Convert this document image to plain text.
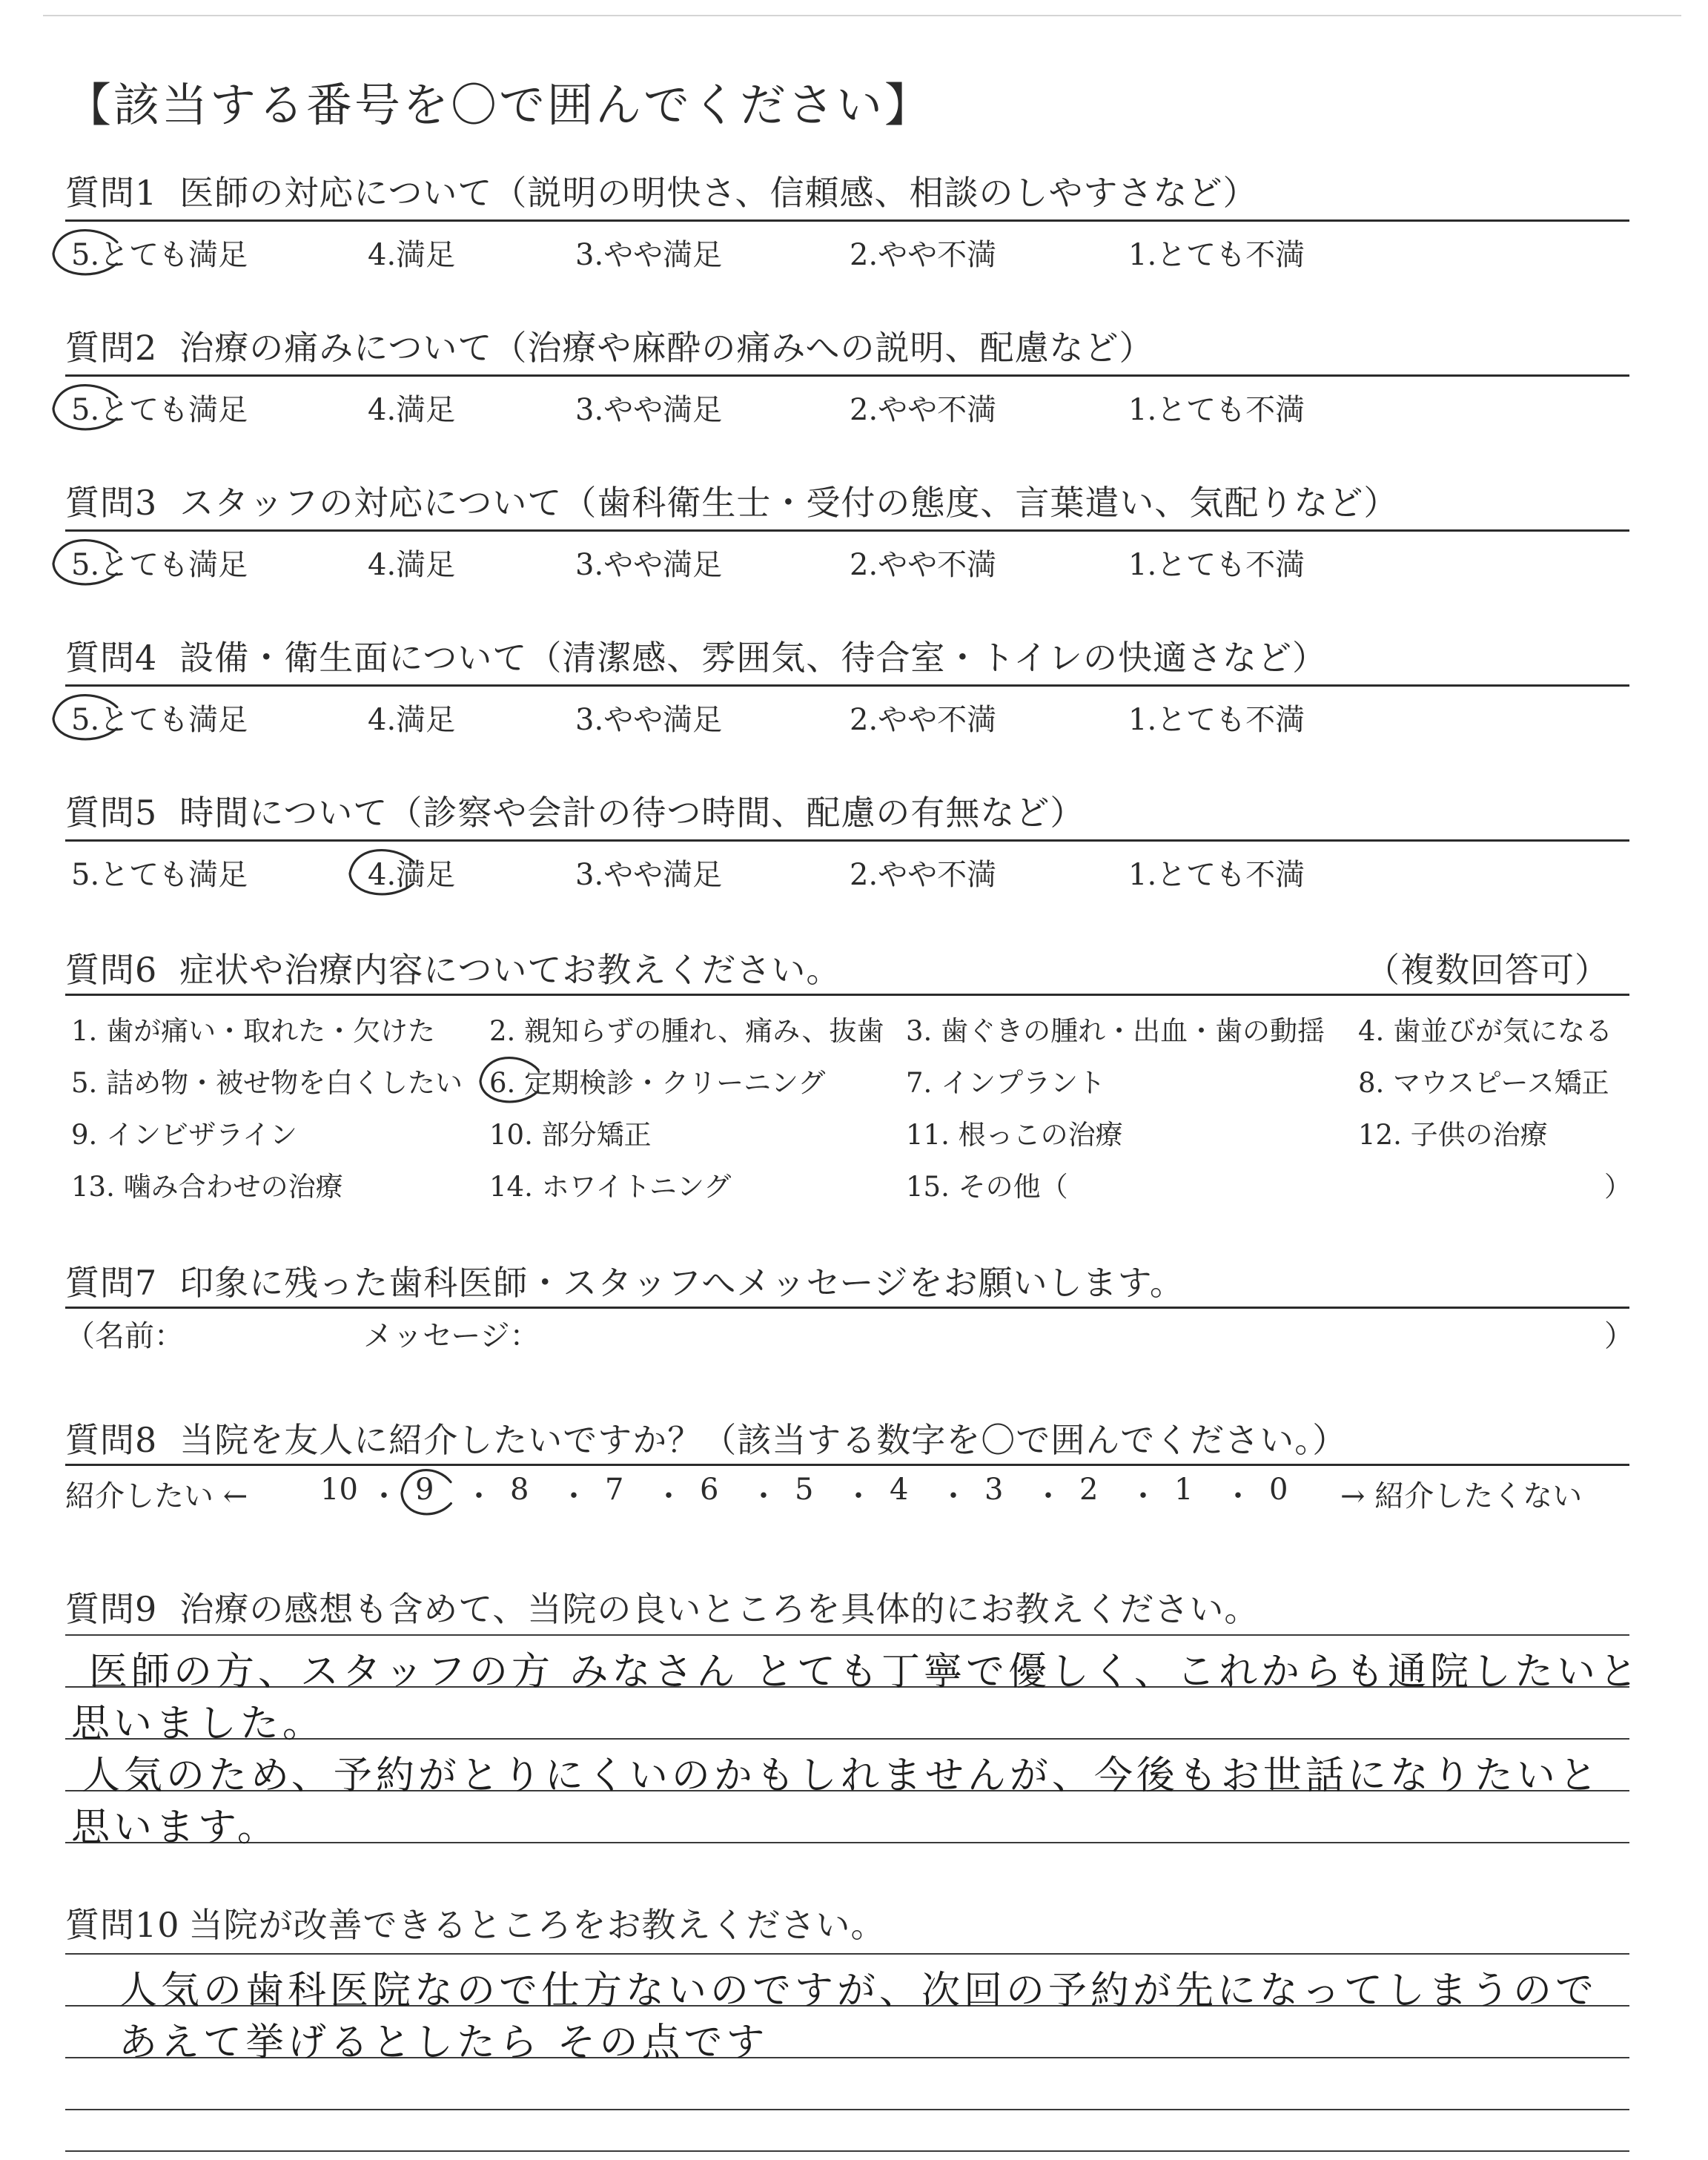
【該当する番号を〇で囲んでください】
質問1 医師の対応について（説明の明快さ、信頼感、相談のしやすさなど）
5.とても満足	4.満足	3.やや満足	2.やや不満	1.とても不満
質問2 治療の痛みについて（治療や麻酔の痛みへの説明、配慮など）
5.とても満足	4.満足	3.やや満足	2.やや不満	1.とても不満
質問3 スタッフの対応について（歯科衛生士・受付の態度、言葉遣い、気配りなど）
5.とても満足	4.満足	3.やや満足	2.やや不満	1.とても不満
質問4 設備・衛生面について（清潔感、雰囲気、待合室・トイレの快適さなど）
5.とても満足	4.満足	3.やや満足	2.やや不満	1.とても不満
質問5 時間について（診察や会計の待つ時間、配慮の有無など）
5.とても満足	4.満足	3.やや満足	2.やや不満	1.とても不満
質問6 症状や治療内容についてお教えください。	（複数回答可）
1. 歯が痛い・取れた・欠けた 2. 親知らずの腫れ、痛み、抜歯 3. 歯ぐきの腫れ・出血・歯の動揺 4. 歯並びが気になる
5. 詰め物・被せ物を白くしたい 6. 定期検診・クリーニング	7. インプラント	8. マウスピース矯正
9. インビザライン	10. 部分矯正	11. 根っこの治療	12. 子供の治療
13. 噛み合わせの治療	14. ホワイトニング	15. その他（	）
質問7 印象に残った歯科医師・スタッフへメッセージをお願いします。
（名前：	メッセージ：	）
質問8 当院を友人に紹介したいですか？（該当する数字を〇で囲んでください。）
紹介したい ← 10 ・ 9 ・ 8 ・ 7 ・ 6 ・ 5 ・ 4 ・ 3 ・ 2 ・ 1 ・ 0 → 紹介したくない
質問9 治療の感想も含めて、当院の良いところを具体的にお教えください。
医師の方、スタッフの方 みなさん とても丁寧で優しく、これからも通院したいと
思いました。
人気のため、予約がとりにくいのかもしれませんが、今後もお世話になりたいと
思います。
質問10 当院が改善できるところをお教えください。
人気の歯科医院なので仕方ないのですが、次回の予約が先になってしまうので
あえて挙げるとしたら その点です
